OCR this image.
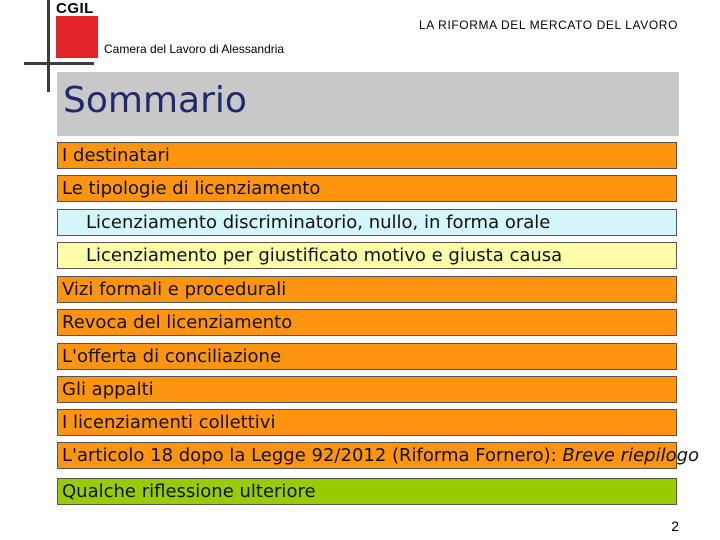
CGIL
LA RIFORMA DEL MERCATO DEL LAVORO
Camera del Lavoro di Alessandria
Sommario
I destinatari
Le tipologie di licenziamento
Licenziamento discriminatorio, nullo, in forma orale
Licenziamento per giustificato motivo e giusta causa
Vizi formali e procedurali
Revoca del licenziamento
L'offerta di conciliazione
Gli appalti
I licenziamenti collettivi
L'articolo 18 dopo la Legge 92/2012 (Riforma Fornero): Breve riepilogo
Qualche riflessione ulteriore
2
